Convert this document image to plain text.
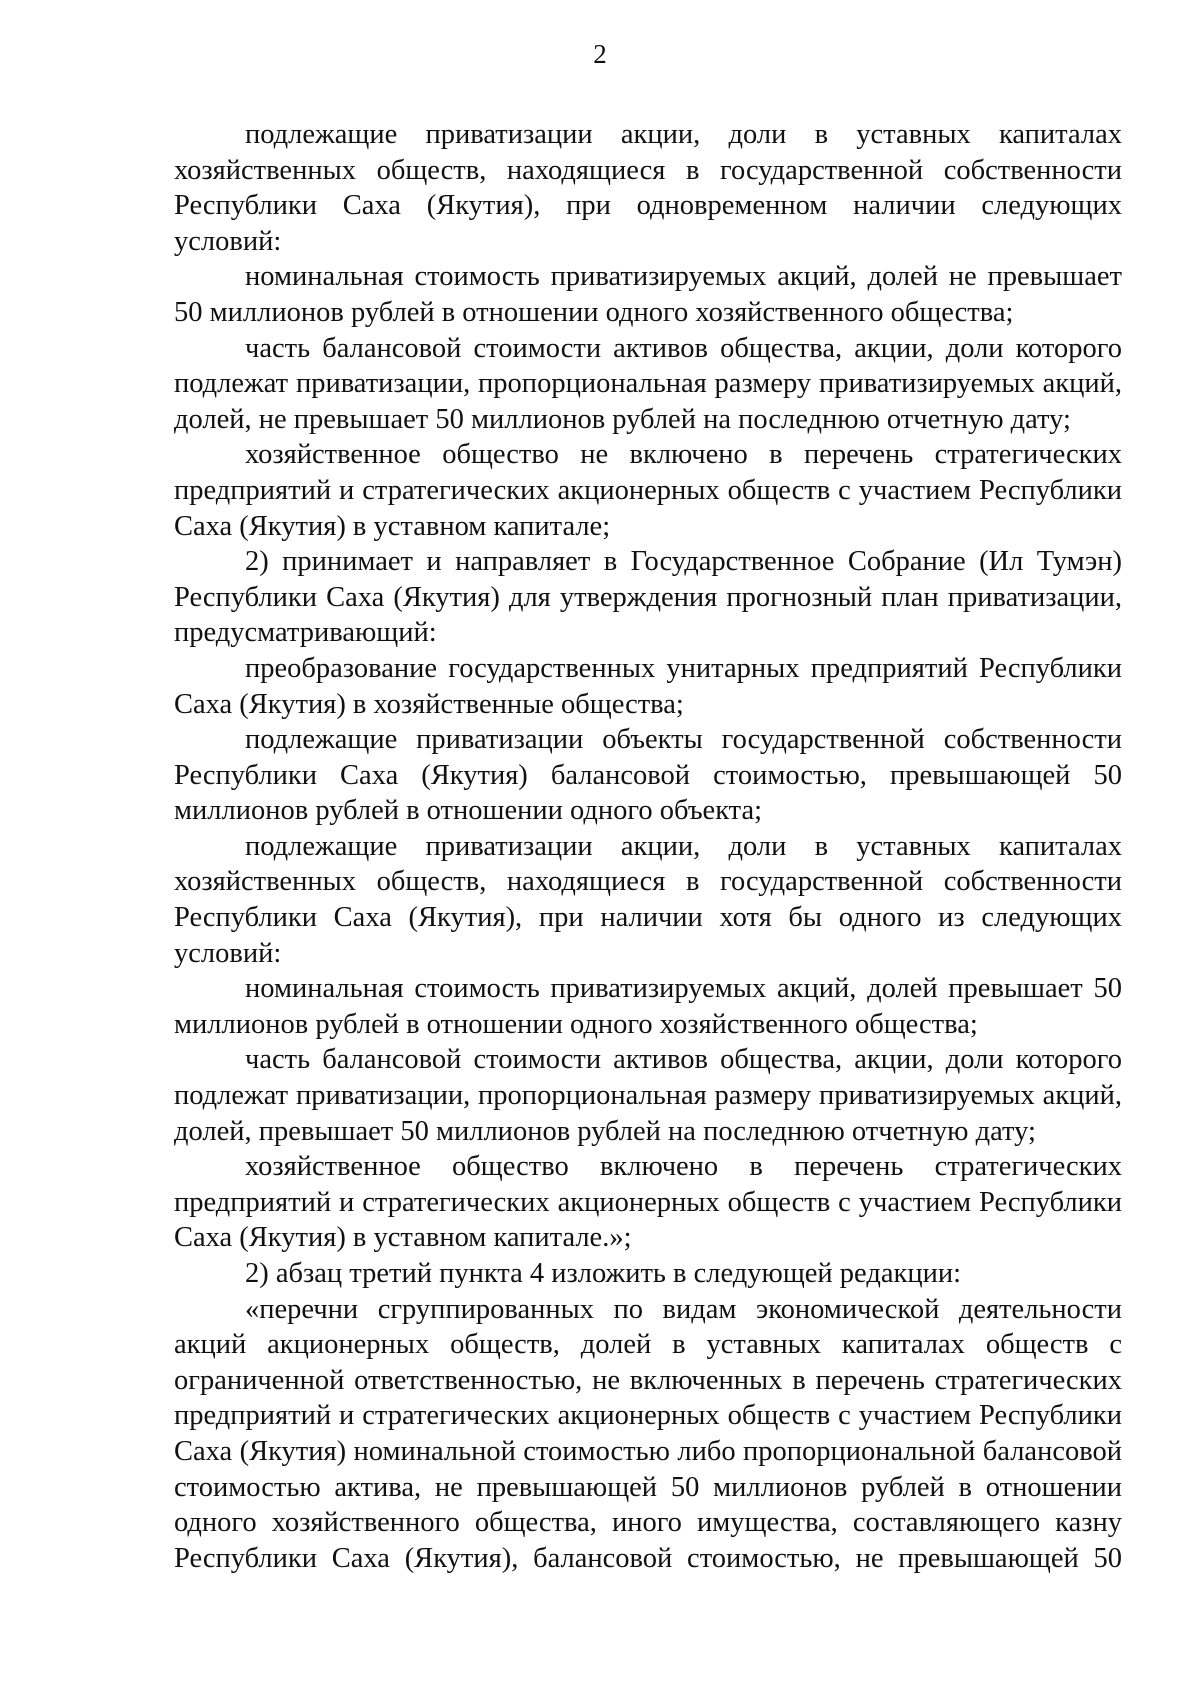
2

подлежащие приватизации акции, доли в уставных капиталах хозяйственных обществ, находящиеся в государственной собственности Республики Саха (Якутия), при одновременном наличии следующих условий:

номинальная стоимость приватизируемых акций, долей не превышает 50 миллионов рублей в отношении одного хозяйственного общества;

часть балансовой стоимости активов общества, акции, доли которого подлежат приватизации, пропорциональная размеру приватизируемых акций, долей, не превышает 50 миллионов рублей на последнюю отчетную дату;

хозяйственное общество не включено в перечень стратегических предприятий и стратегических акционерных обществ с участием Республики Саха (Якутия) в уставном капитале;

2) принимает и направляет в Государственное Собрание (Ил Тумэн) Республики Саха (Якутия) для утверждения прогнозный план приватизации, предусматривающий:

преобразование государственных унитарных предприятий Республики Саха (Якутия) в хозяйственные общества;

подлежащие приватизации объекты государственной собственности Республики Саха (Якутия) балансовой стоимостью, превышающей 50 миллионов рублей в отношении одного объекта;

подлежащие приватизации акции, доли в уставных капиталах хозяйственных обществ, находящиеся в государственной собственности Республики Саха (Якутия), при наличии хотя бы одного из следующих условий:

номинальная стоимость приватизируемых акций, долей превышает 50 миллионов рублей в отношении одного хозяйственного общества;

часть балансовой стоимости активов общества, акции, доли которого подлежат приватизации, пропорциональная размеру приватизируемых акций, долей, превышает 50 миллионов рублей на последнюю отчетную дату;

хозяйственное общество включено в перечень стратегических предприятий и стратегических акционерных обществ с участием Республики Саха (Якутия) в уставном капитале.»;

2) абзац третий пункта 4 изложить в следующей редакции:

«перечни сгруппированных по видам экономической деятельности акций акционерных обществ, долей в уставных капиталах обществ с ограниченной ответственностью, не включенных в перечень стратегических предприятий и стратегических акционерных обществ с участием Республики Саха (Якутия) номинальной стоимостью либо пропорциональной балансовой стоимостью актива, не превышающей 50 миллионов рублей в отношении одного хозяйственного общества, иного имущества, составляющего казну Республики Саха (Якутия), балансовой стоимостью, не превышающей 50
